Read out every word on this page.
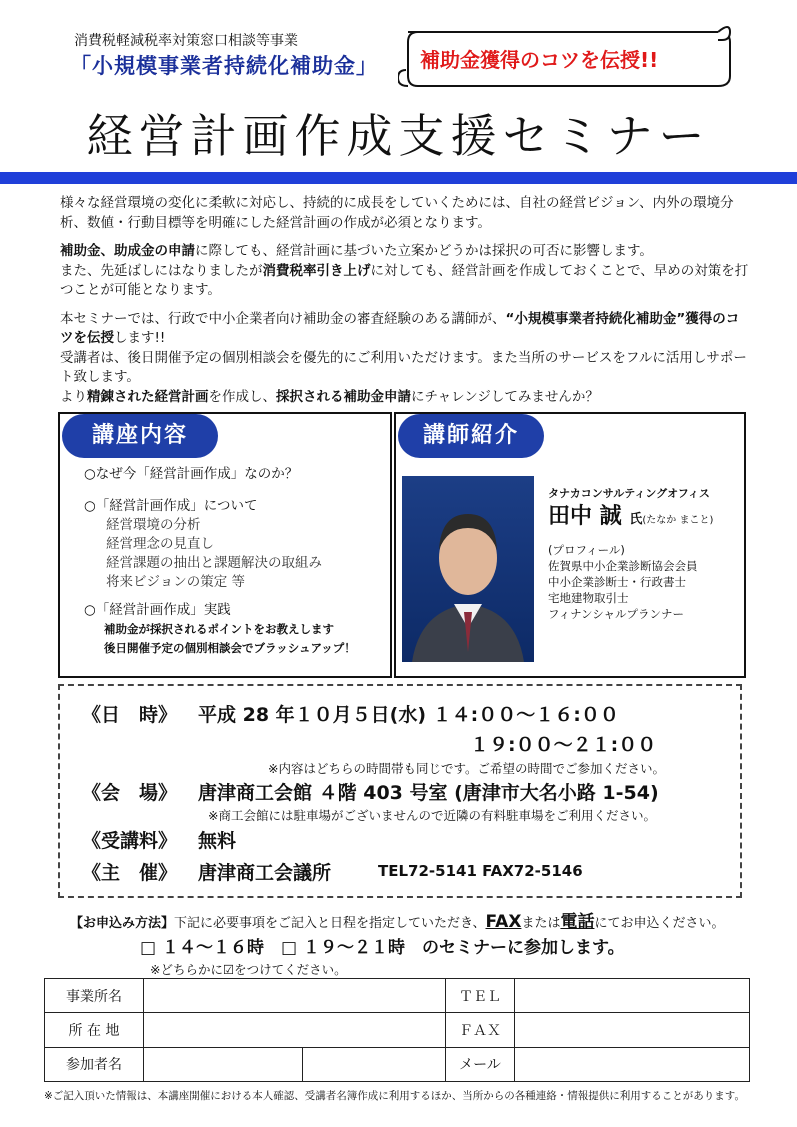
消費税軽減税率対策窓口相談等事業
「小規模事業者持続化補助金」 補助金獲得のコツを伝授!!
経営計画作成支援セミナー

様々な経営環境の変化に柔軟に対応し、持続的に成長をしていくためには、自社の経営ビジョン、内外の環境分析、数値・行動目標等を明確にした経営計画の作成が必須となります。

補助金、助成金の申請に際しても、経営計画に基づいた立案かどうかは採択の可否に影響します。
また、先延ばしにはなりましたが消費税率引き上げに対しても、経営計画を作成しておくことで、早めの対策を打つことが可能となります。

本セミナーでは、行政で中小企業者向け補助金の審査経験のある講師が、“小規模事業者持続化補助金”獲得のコツを伝授します!!
受講者は、後日開催予定の個別相談会を優先的にご利用いただけます。また当所のサービスをフルに活用しサポート致します。
より精錬された経営計画を作成し、採択される補助金申請にチャレンジしてみませんか？

講座内容
○なぜ今「経営計画作成」なのか？
○「経営計画作成」について
経営環境の分析
経営理念の見直し
経営課題の抽出と課題解決の取組み
将来ビジョンの策定 等
○「経営計画作成」実践
補助金が採択されるポイントをお教えします
後日開催予定の個別相談会でブラッシュアップ！
講師紹介
タナカコンサルティングオフィス
田中 誠 氏(たなか まこと)
(プロフィール)
佐賀県中小企業診断協会会員
中小企業診断士・行政書士
宅地建物取引士
フィナンシャルプランナー
《日　時》 平成 28 年１０月５日(水) １４:００～１６:００
１９:００～２１:００
※内容はどちらの時間帯も同じです。ご希望の時間でご参加ください。
《会　場》 唐津商工会館 ４階 403 号室 (唐津市大名小路 1-54)
※商工会館には駐車場がございませんので近隣の有料駐車場をご利用ください。
《受講料》 無料
《主　催》 唐津商工会議所	TEL72-5141 FAX72-5146
【お申込み方法】下記に必要事項をご記入と日程を指定していただき、FAXまたは電話にてお申込ください。
□ １４～１６時　□ １９～２１時　のセミナーに参加します。
※どちらかに☑をつけてください。
事業所名			ＴＥＬ	
所 在 地			ＦＡＸ	
参加者名			メール	
※ご記入頂いた情報は、本講座開催における本人確認、受講者名簿作成に利用するほか、当所からの各種連絡・情報提供に利用することがあります。
